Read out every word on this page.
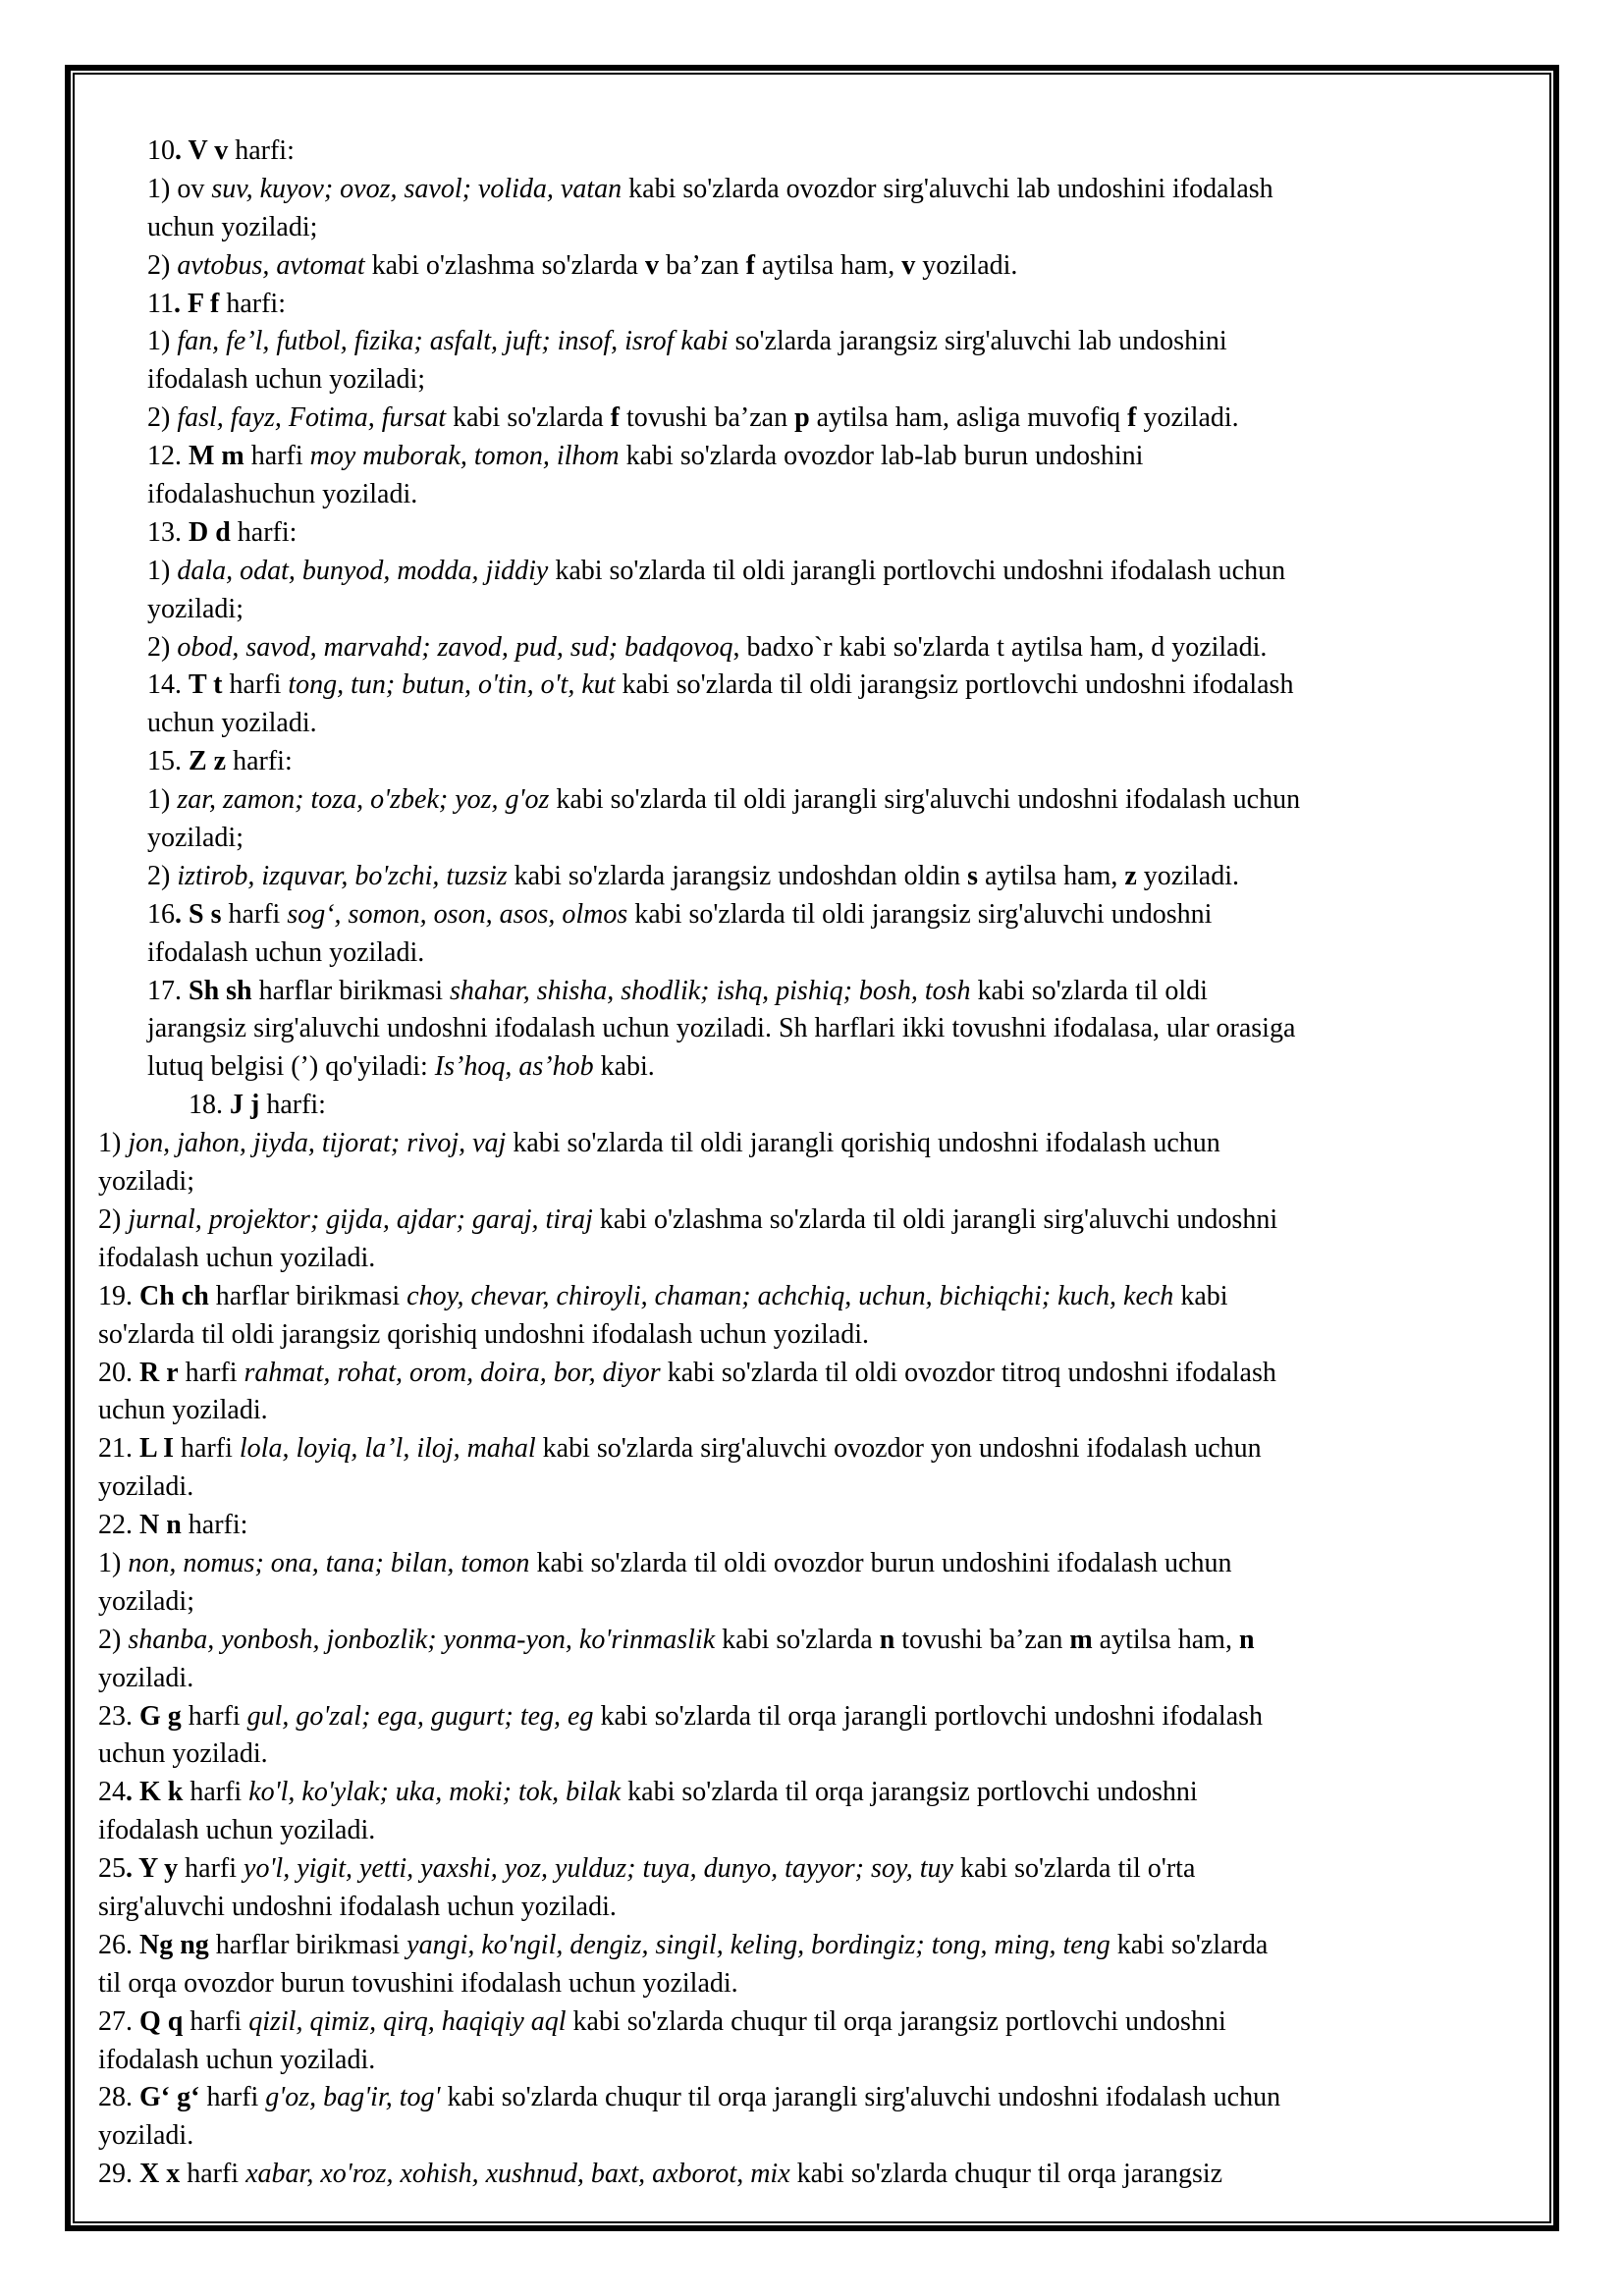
10. V v harfi:
1) ov suv, kuyov; ovoz, savol; volida, vatan kabi so'zlarda ovozdor sirg'aluvchi lab undoshini ifodalash
uchun yoziladi;
2) avtobus, avtomat kabi o'zlashma so'zlarda v ba’zan f aytilsa ham, v yoziladi.
11. F f harfi:
1) fan, fe’l, futbol, fizika; asfalt, juft; insof, isrof kabi so'zlarda jarangsiz sirg'aluvchi lab undoshini
ifodalash uchun yoziladi;
2) fasl, fayz, Fotima, fursat kabi so'zlarda f tovushi ba’zan p aytilsa ham, asliga muvofiq f yoziladi.
12. M m harfi moy muborak, tomon, ilhom kabi so'zlarda ovozdor lab-lab burun undoshini
ifodalashuchun yoziladi.
13. D d harfi:
1) dala, odat, bunyod, modda, jiddiy kabi so'zlarda til oldi jarangli portlovchi undoshni ifodalash uchun
yoziladi;
2) obod, savod, marvahd; zavod, pud, sud; badqovoq, badxo`r kabi so'zlarda t aytilsa ham, d yoziladi.
14. T t harfi tong, tun; butun, o'tin, o't, kut kabi so'zlarda til oldi jarangsiz portlovchi undoshni ifodalash
uchun yoziladi.
15. Z z harfi:
1) zar, zamon; toza, o'zbek; yoz, g'oz kabi so'zlarda til oldi jarangli sirg'aluvchi undoshni ifodalash uchun
yoziladi;
2) iztirob, izquvar, bo'zchi, tuzsiz kabi so'zlarda jarangsiz undoshdan oldin s aytilsa ham, z yoziladi.
16. S s harfi sog‘, somon, oson, asos, olmos kabi so'zlarda til oldi jarangsiz sirg'aluvchi undoshni
ifodalash uchun yoziladi.
17. Sh sh harflar birikmasi shahar, shisha, shodlik; ishq, pishiq; bosh, tosh kabi so'zlarda til oldi
jarangsiz sirg'aluvchi undoshni ifodalash uchun yoziladi. Sh harflari ikki tovushni ifodalasa, ular orasiga
lutuq belgisi (’) qo'yiladi: Is’hoq, as’hob kabi.
18. J j harfi:
1) jon, jahon, jiyda, tijorat; rivoj, vaj kabi so'zlarda til oldi jarangli qorishiq undoshni ifodalash uchun
yoziladi;
2) jurnal, projektor; gijda, ajdar; garaj, tiraj kabi o'zlashma so'zlarda til oldi jarangli sirg'aluvchi undoshni
ifodalash uchun yoziladi.
19. Ch ch harflar birikmasi choy, chevar, chiroyli, chaman; achchiq, uchun, bichiqchi; kuch, kech kabi
so'zlarda til oldi jarangsiz qorishiq undoshni ifodalash uchun yoziladi.
20. R r harfi rahmat, rohat, orom, doira, bor, diyor kabi so'zlarda til oldi ovozdor titroq undoshni ifodalash
uchun yoziladi.
21. L I harfi lola, loyiq, la’l, iloj, mahal kabi so'zlarda sirg'aluvchi ovozdor yon undoshni ifodalash uchun
yoziladi.
22. N n harfi:
1) non, nomus; ona, tana; bilan, tomon kabi so'zlarda til oldi ovozdor burun undoshini ifodalash uchun
yoziladi;
2) shanba, yonbosh, jonbozlik; yonma-yon, ko'rinmaslik kabi so'zlarda n tovushi ba’zan m aytilsa ham, n
yoziladi.
23. G g harfi gul, go'zal; ega, gugurt; teg, eg kabi so'zlarda til orqa jarangli portlovchi undoshni ifodalash
uchun yoziladi.
24. K k harfi ko'l, ko'ylak; uka, moki; tok, bilak kabi so'zlarda til orqa jarangsiz portlovchi undoshni
ifodalash uchun yoziladi.
25. Y y harfi yo'l, yigit, yetti, yaxshi, yoz, yulduz; tuya, dunyo, tayyor; soy, tuy kabi so'zlarda til o'rta
sirg'aluvchi undoshni ifodalash uchun yoziladi.
26. Ng ng harflar birikmasi yangi, ko'ngil, dengiz, singil, keling, bordingiz; tong, ming, teng kabi so'zlarda
til orqa ovozdor burun tovushini ifodalash uchun yoziladi.
27. Q q harfi qizil, qimiz, qirq, haqiqiy aql kabi so'zlarda chuqur til orqa jarangsiz portlovchi undoshni
ifodalash uchun yoziladi.
28. G‘ g‘ harfi g'oz, bag'ir, tog' kabi so'zlarda chuqur til orqa jarangli sirg'aluvchi undoshni ifodalash uchun
yoziladi.
29. X x harfi xabar, xo'roz, xohish, xushnud, baxt, axborot, mix kabi so'zlarda chuqur til orqa jarangsiz
